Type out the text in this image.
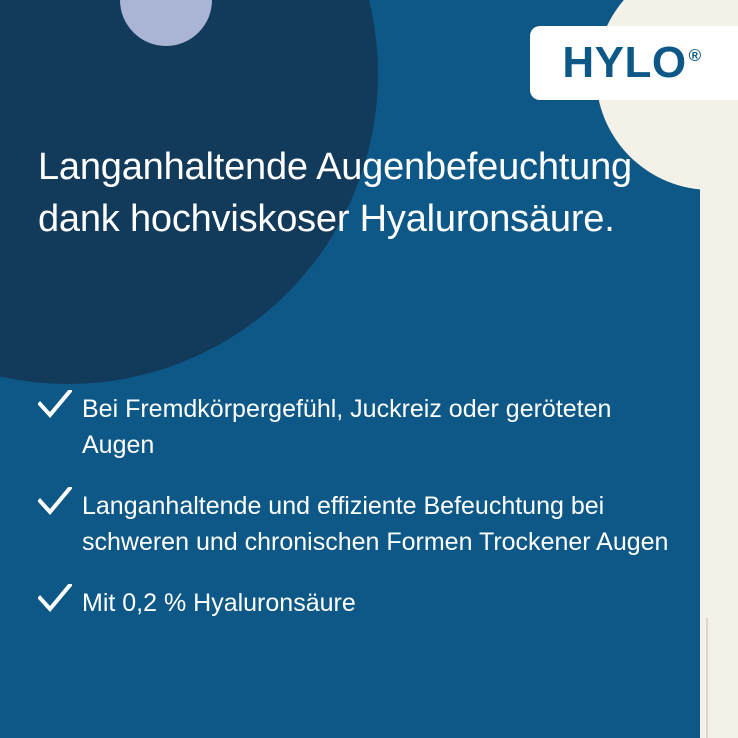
HYLO ®
Langanhaltende Augenbefeuchtung dank hochviskoser Hyaluronsäure.
Bei Fremdkörpergefühl, Juckreiz oder geröteten Augen
Langanhaltende und effiziente Befeuchtung bei schweren und chronischen Formen Trockener Augen
Mit 0,2 % Hyaluronsäure
